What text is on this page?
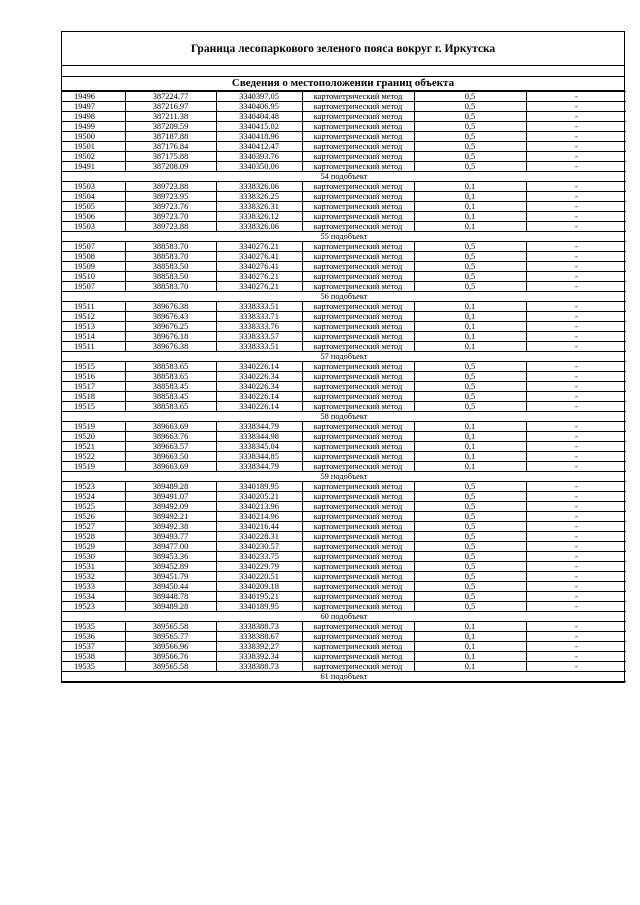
Граница лесопаркового зеленого пояса вокруг г. Иркутска
Сведения о местоположении границ объекта
19496	387224.77	3340397.05	картометрический метод	0,5	-
19497	387216.97	3340406.95	картометрический метод	0,5	-
19498	387211.38	3340404.48	картометрический метод	0,5	-
19499	387209.59	3340415.02	картометрический метод	0,5	-
19500	387187.88	3340418.96	картометрический метод	0,5	-
19501	387176.84	3340412.47	картометрический метод	0,5	-
19502	387175.88	3340393.76	картометрический метод	0,5	-
19491	387208.09	3340350.06	картометрический метод	0,5	-
54 подобъект					
19503	389723.88	3338326.06	картометрический метод	0,1	-
19504	389723.95	3338326.25	картометрический метод	0,1	-
19505	389723.76	3338326.31	картометрический метод	0,1	-
19506	389723.70	3338326.12	картометрический метод	0,1	-
19503	389723.88	3338326.06	картометрический метод	0,1	-
55 подобъект					
19507	388583.70	3340276.21	картометрический метод	0,5	-
19508	388583.70	3340276.41	картометрический метод	0,5	-
19509	388583.50	3340276.41	картометрический метод	0,5	-
19510	388583.50	3340276.21	картометрический метод	0,5	-
19507	388583.70	3340276.21	картометрический метод	0,5	-
56 подобъект					
19511	389676.38	3338333.51	картометрический метод	0,1	-
19512	389676.43	3338333.71	картометрический метод	0,1	-
19513	389676.25	3338333.76	картометрический метод	0,1	-
19514	389676.18	3338333.57	картометрический метод	0,1	-
19511	389676.38	3338333.51	картометрический метод	0,1	-
57 подобъект					
19515	388583.65	3340226.14	картометрический метод	0,5	-
19516	388583.65	3340226.34	картометрический метод	0,5	-
19517	388583.45	3340226.34	картометрический метод	0,5	-
19518	388583.45	3340226.14	картометрический метод	0,5	-
19515	388583.65	3340226.14	картометрический метод	0,5	-
58 подобъект					
19519	389663.69	3338344.79	картометрический метод	0,1	-
19520	389663.76	3338344.98	картометрический метод	0,1	-
19521	389663.57	3338345.04	картометрический метод	0,1	-
19522	389663.50	3338344.85	картометрический метод	0,1	-
19519	389663.69	3338344.79	картометрический метод	0,1	-
59 подобъект					
19523	389489.28	3340189.95	картометрический метод	0,5	-
19524	389491.07	3340205.21	картометрический метод	0,5	-
19525	389492.09	3340213.96	картометрический метод	0,5	-
19526	389492.21	3340214.96	картометрический метод	0,5	-
19527	389492.38	3340216.44	картометрический метод	0,5	-
19528	389493.77	3340228.31	картометрический метод	0,5	-
19529	389477.00	3340230.57	картометрический метод	0,5	-
19530	389453.36	3340233.75	картометрический метод	0,5	-
19531	389452.89	3340229.79	картометрический метод	0,5	-
19532	389451.79	3340220.51	картометрический метод	0,5	-
19533	389450.44	3340209.18	картометрический метод	0,5	-
19534	389448.78	3340195.21	картометрический метод	0,5	-
19523	389489.28	3340189.95	картометрический метод	0,5	-
60 подобъект					
19535	389565.58	3338388.73	картометрический метод	0,1	-
19536	389565.77	3338388.67	картометрический метод	0,1	-
19537	389566.96	3338392.27	картометрический метод	0,1	-
19538	389566.76	3338392.34	картометрический метод	0,1	-
19535	389565.58	3338388.73	картометрический метод	0,1	-
61 подобъект					
